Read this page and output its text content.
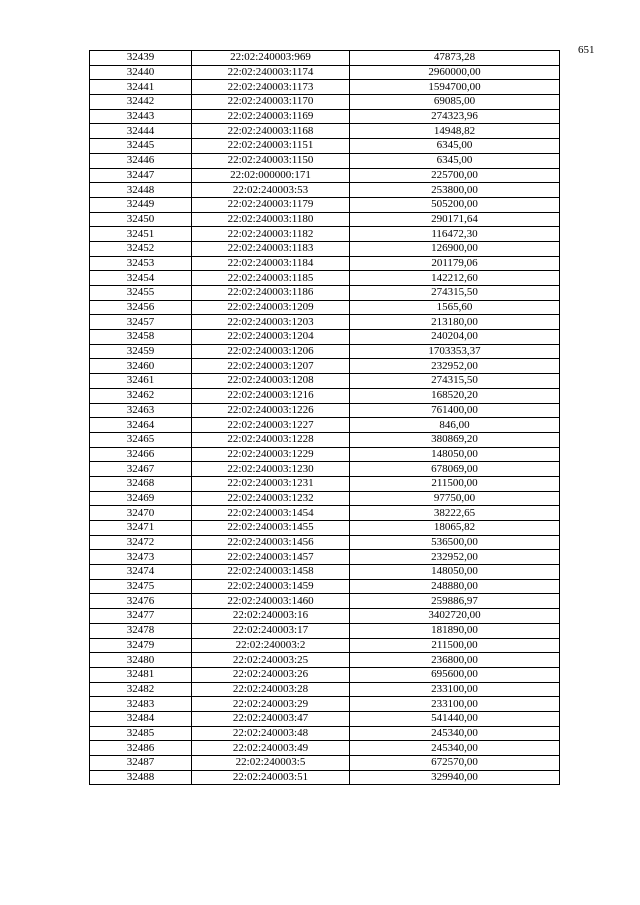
651
32439	22:02:240003:969	47873,28
32440	22:02:240003:1174	2960000,00
32441	22:02:240003:1173	1594700,00
32442	22:02:240003:1170	69085,00
32443	22:02:240003:1169	274323,96
32444	22:02:240003:1168	14948,82
32445	22:02:240003:1151	6345,00
32446	22:02:240003:1150	6345,00
32447	22:02:000000:171	225700,00
32448	22:02:240003:53	253800,00
32449	22:02:240003:1179	505200,00
32450	22:02:240003:1180	290171,64
32451	22:02:240003:1182	116472,30
32452	22:02:240003:1183	126900,00
32453	22:02:240003:1184	201179,06
32454	22:02:240003:1185	142212,60
32455	22:02:240003:1186	274315,50
32456	22:02:240003:1209	1565,60
32457	22:02:240003:1203	213180,00
32458	22:02:240003:1204	240204,00
32459	22:02:240003:1206	1703353,37
32460	22:02:240003:1207	232952,00
32461	22:02:240003:1208	274315,50
32462	22:02:240003:1216	168520,20
32463	22:02:240003:1226	761400,00
32464	22:02:240003:1227	846,00
32465	22:02:240003:1228	380869,20
32466	22:02:240003:1229	148050,00
32467	22:02:240003:1230	678069,00
32468	22:02:240003:1231	211500,00
32469	22:02:240003:1232	97750,00
32470	22:02:240003:1454	38222,65
32471	22:02:240003:1455	18065,82
32472	22:02:240003:1456	536500,00
32473	22:02:240003:1457	232952,00
32474	22:02:240003:1458	148050,00
32475	22:02:240003:1459	248880,00
32476	22:02:240003:1460	259886,97
32477	22:02:240003:16	3402720,00
32478	22:02:240003:17	181890,00
32479	22:02:240003:2	211500,00
32480	22:02:240003:25	236800,00
32481	22:02:240003:26	695600,00
32482	22:02:240003:28	233100,00
32483	22:02:240003:29	233100,00
32484	22:02:240003:47	541440,00
32485	22:02:240003:48	245340,00
32486	22:02:240003:49	245340,00
32487	22:02:240003:5	672570,00
32488	22:02:240003:51	329940,00
